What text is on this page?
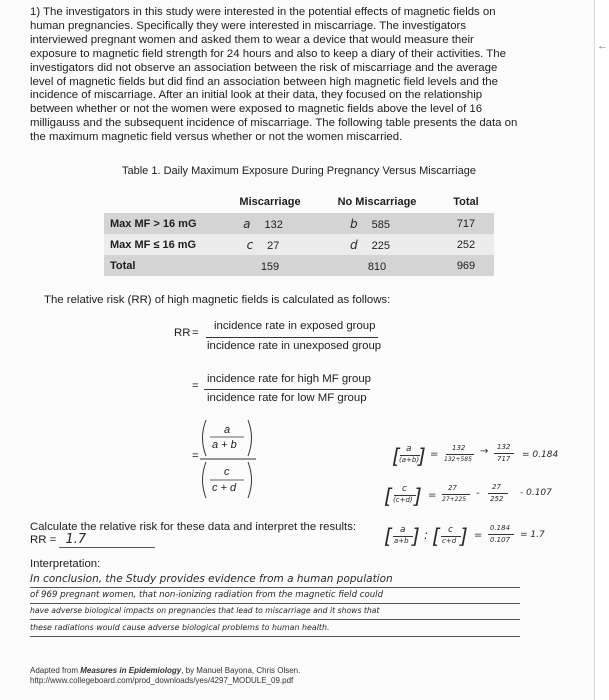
1) The investigators in this study were interested in the potential effects of magnetic fields on
human pregnancies. Specifically they were interested in miscarriage. The investigators
interviewed pregnant women and asked them to wear a device that would measure their
exposure to magnetic field strength for 24 hours and also to keep a diary of their activities. The
investigators did not observe an association between the risk of miscarriage and the average
level of magnetic fields but did find an association between high magnetic field levels and the
incidence of miscarriage. After an initial look at their data, they focused on the relationship
between whether or not the women were exposed to magnetic fields above the level of 16
milligauss and the subsequent incidence of miscarriage. The following table presents the data on
the maximum magnetic field versus whether or not the women miscarried.
Table 1. Daily Maximum Exposure During Pregnancy Versus Miscarriage
	Miscarriage	No Miscarriage	Total
Max MF > 16 mG	a 132	b 585	717
Max MF ≤ 16 mG	c 27	d 225	252
Total	159	810	969
The relative risk (RR) of high magnetic fields is calculated as follows:
RR =
incidence rate in exposed group
incidence rate in unexposed group
=
incidence rate for high MF group
incidence rate for low MF group
=
a
a + b
c
c + d
[ ]
a
(a+b) =
132
132+585
→ 132
717 = 0.184
[ ]
c
(c+d) =
27
27+225
-
27
252
- 0.107
[ ]
a
a+b : [ ]
c
c+d =
0.184
0.107 = 1.7
Calculate the relative risk for these data and interpret the results:
RR = 1.7
Interpretation:
In conclusion, the Study provides evidence from a human population
of 969 pregnant women, that non-ionizing radiation from the magnetic field could
have adverse biological impacts on pregnancies that lead to miscarriage and it shows that
these radiations would cause adverse biological problems to human health.
Adapted from Measures in Epidemiology, by Manuel Bayona, Chris Olsen.
http://www.collegeboard.com/prod_downloads/yes/4297_MODULE_09.pdf
←
